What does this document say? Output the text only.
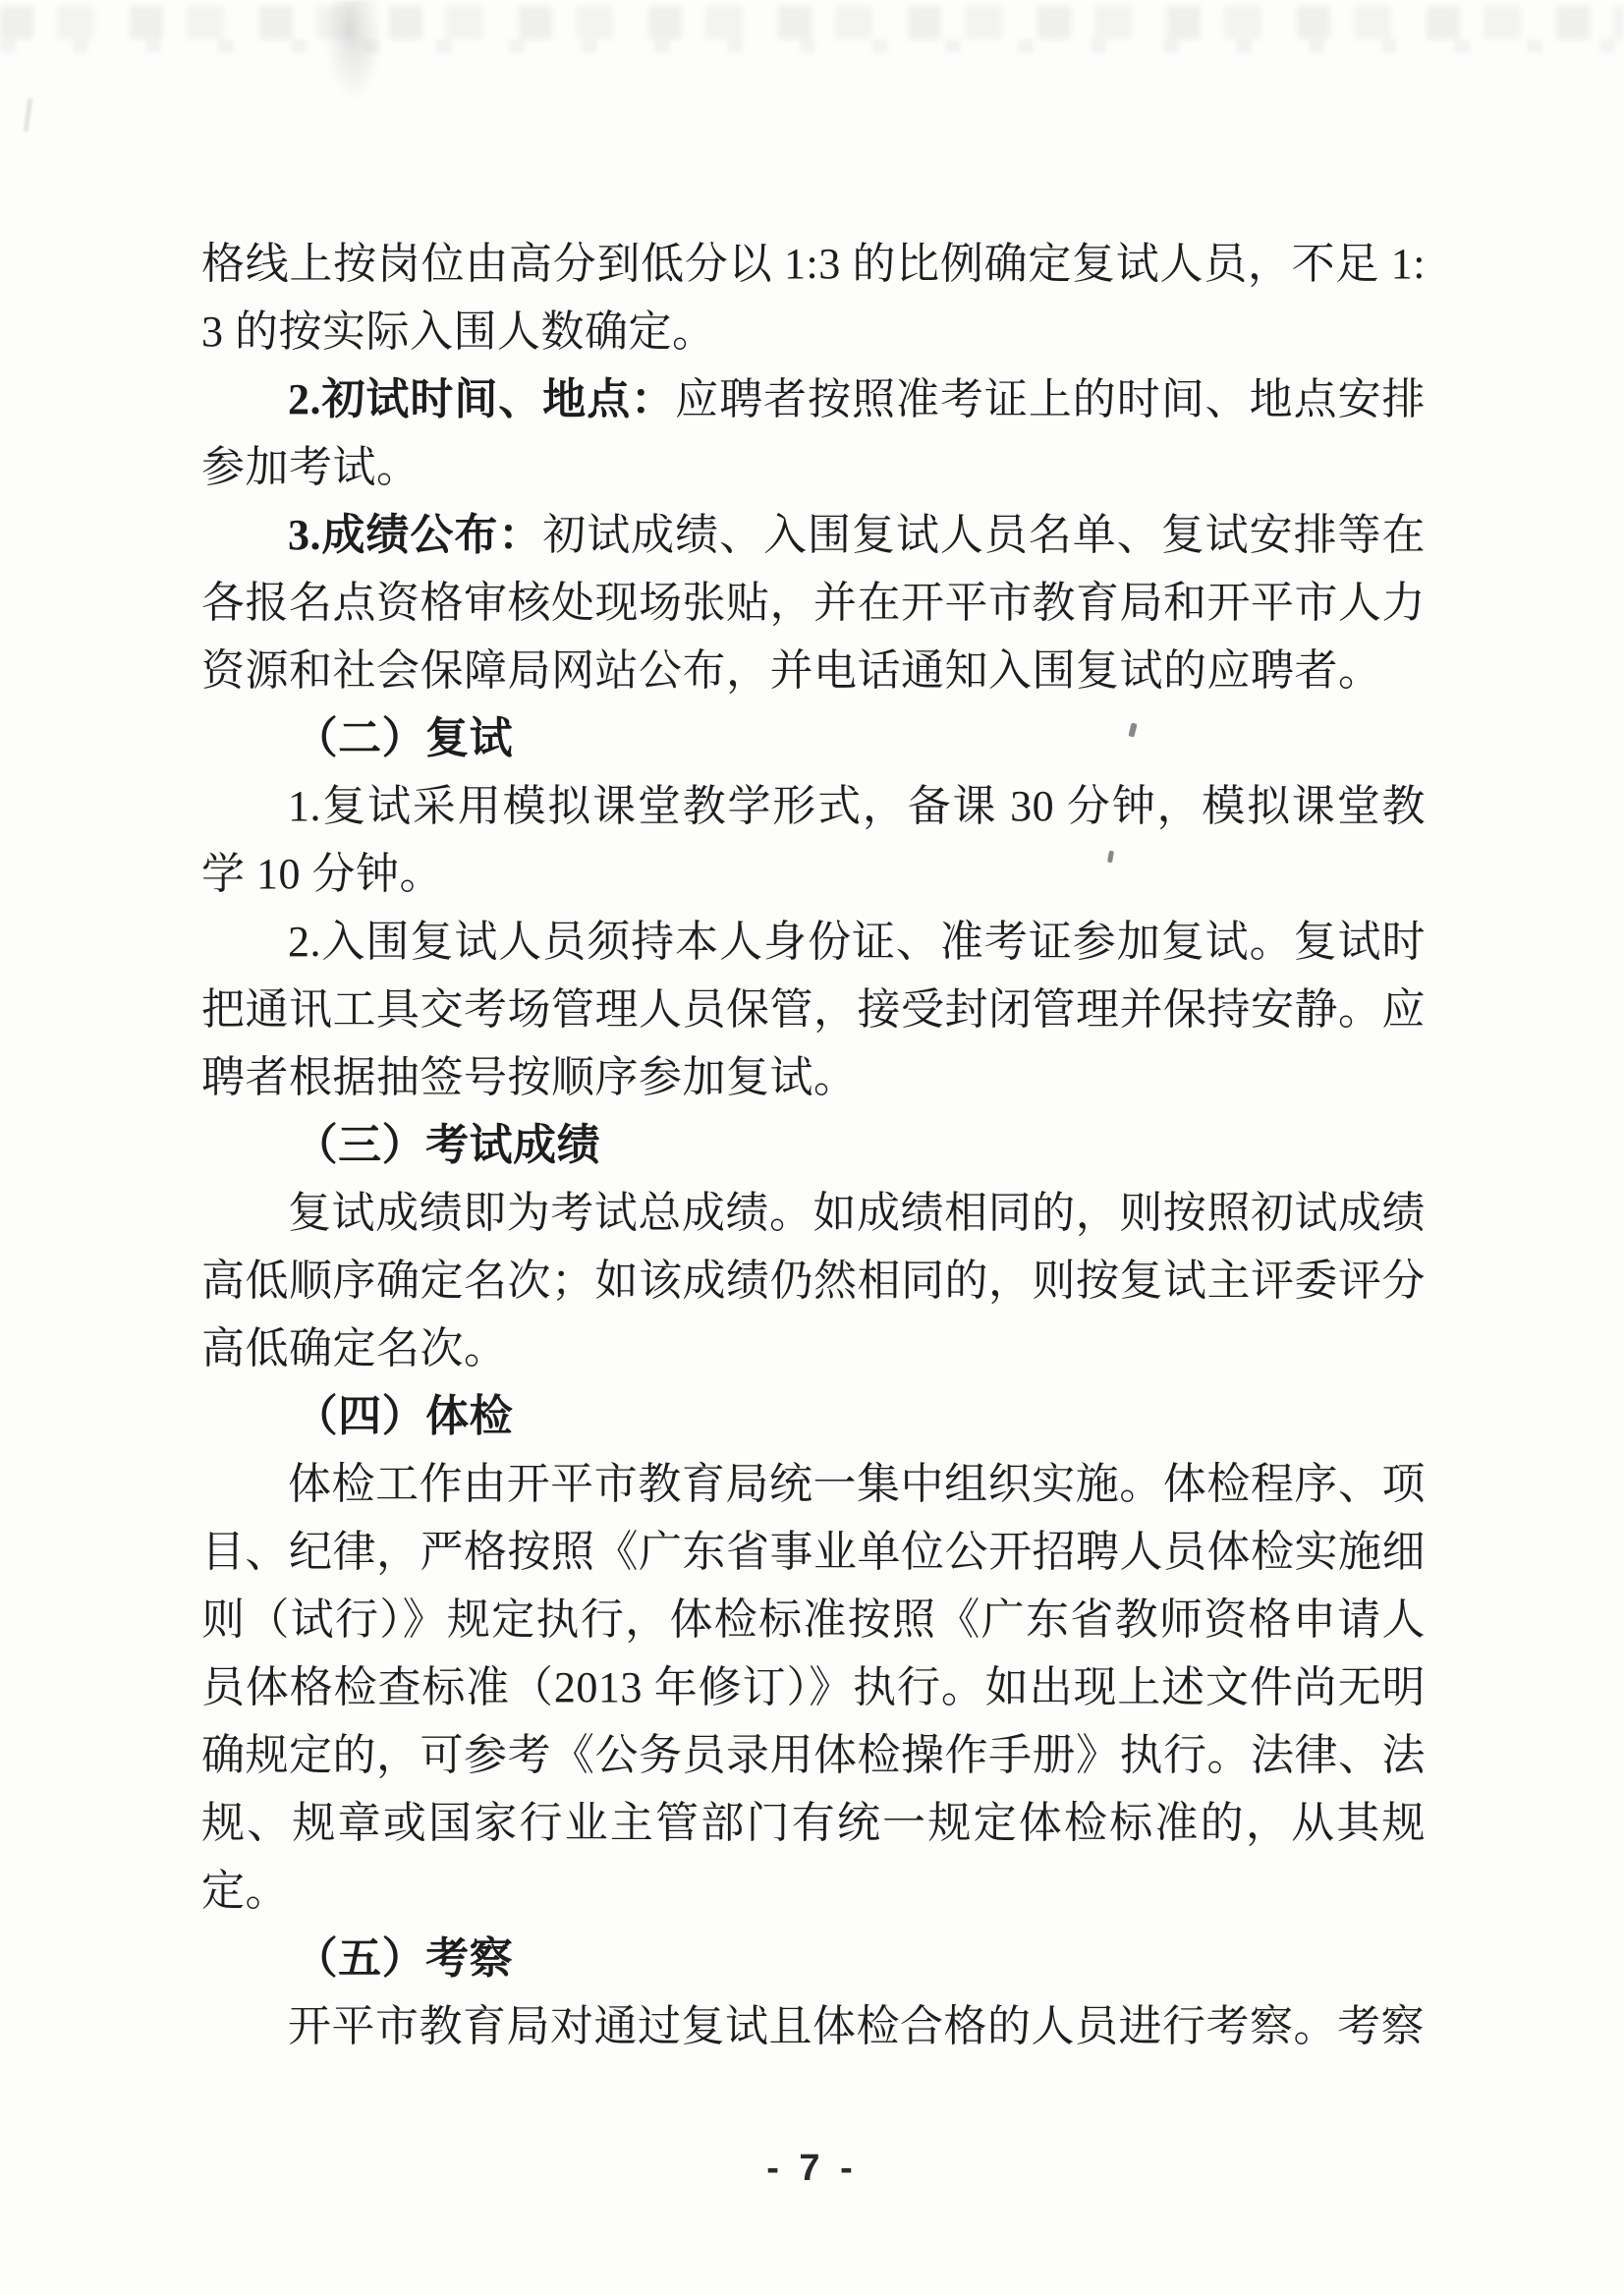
格线上按岗位由高分到低分以 1:3 的比例确定复试人员，不足 1:3 的按实际入围人数确定。
2.初试时间、地点：应聘者按照准考证上的时间、地点安排参加考试。
3.成绩公布：初试成绩、入围复试人员名单、复试安排等在各报名点资格审核处现场张贴，并在开平市教育局和开平市人力资源和社会保障局网站公布，并电话通知入围复试的应聘者。
（二）复试
1.复试采用模拟课堂教学形式，备课 30 分钟，模拟课堂教学 10 分钟。
2.入围复试人员须持本人身份证、准考证参加复试。复试时把通讯工具交考场管理人员保管，接受封闭管理并保持安静。应聘者根据抽签号按顺序参加复试。
（三）考试成绩
复试成绩即为考试总成绩。如成绩相同的，则按照初试成绩高低顺序确定名次；如该成绩仍然相同的，则按复试主评委评分高低确定名次。
（四）体检
体检工作由开平市教育局统一集中组织实施。体检程序、项目、纪律，严格按照《广东省事业单位公开招聘人员体检实施细则（试行）》规定执行，体检标准按照《广东省教师资格申请人员体格检查标准（2013 年修订）》执行。如出现上述文件尚无明确规定的，可参考《公务员录用体检操作手册》执行。法律、法规、规章或国家行业主管部门有统一规定体检标准的，从其规定。
（五）考察
开平市教育局对通过复试且体检合格的人员进行考察。考察
- 7 -
